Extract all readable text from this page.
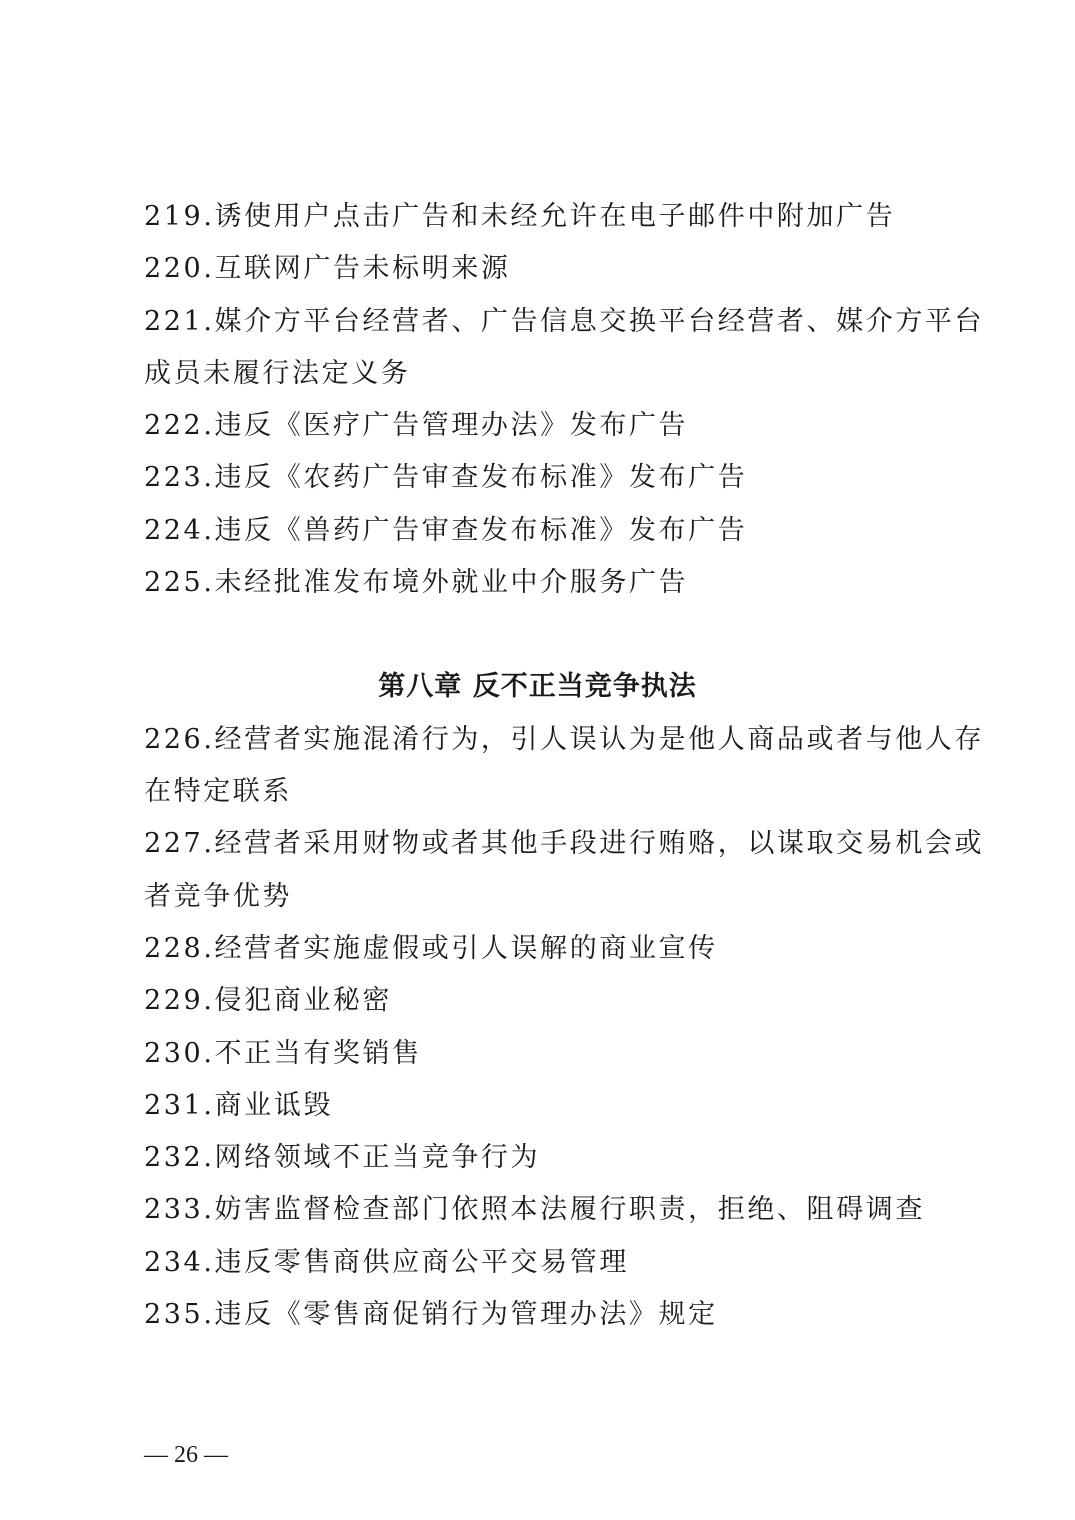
219.诱使用户点击广告和未经允许在电子邮件中附加广告
220.互联网广告未标明来源
221.媒介方平台经营者、广告信息交换平台经营者、媒介方平台
成员未履行法定义务
222.违反《医疗广告管理办法》发布广告
223.违反《农药广告审查发布标准》发布广告
224.违反《兽药广告审查发布标准》发布广告
225.未经批准发布境外就业中介服务广告
第八章 反不正当竞争执法
226.经营者实施混淆行为，引人误认为是他人商品或者与他人存
在特定联系
227.经营者采用财物或者其他手段进行贿赂，以谋取交易机会或
者竞争优势
228.经营者实施虚假或引人误解的商业宣传
229.侵犯商业秘密
230.不正当有奖销售
231.商业诋毁
232.网络领域不正当竞争行为
233.妨害监督检查部门依照本法履行职责，拒绝、阻碍调查
234.违反零售商供应商公平交易管理
235.违反《零售商促销行为管理办法》规定
— 26 —
